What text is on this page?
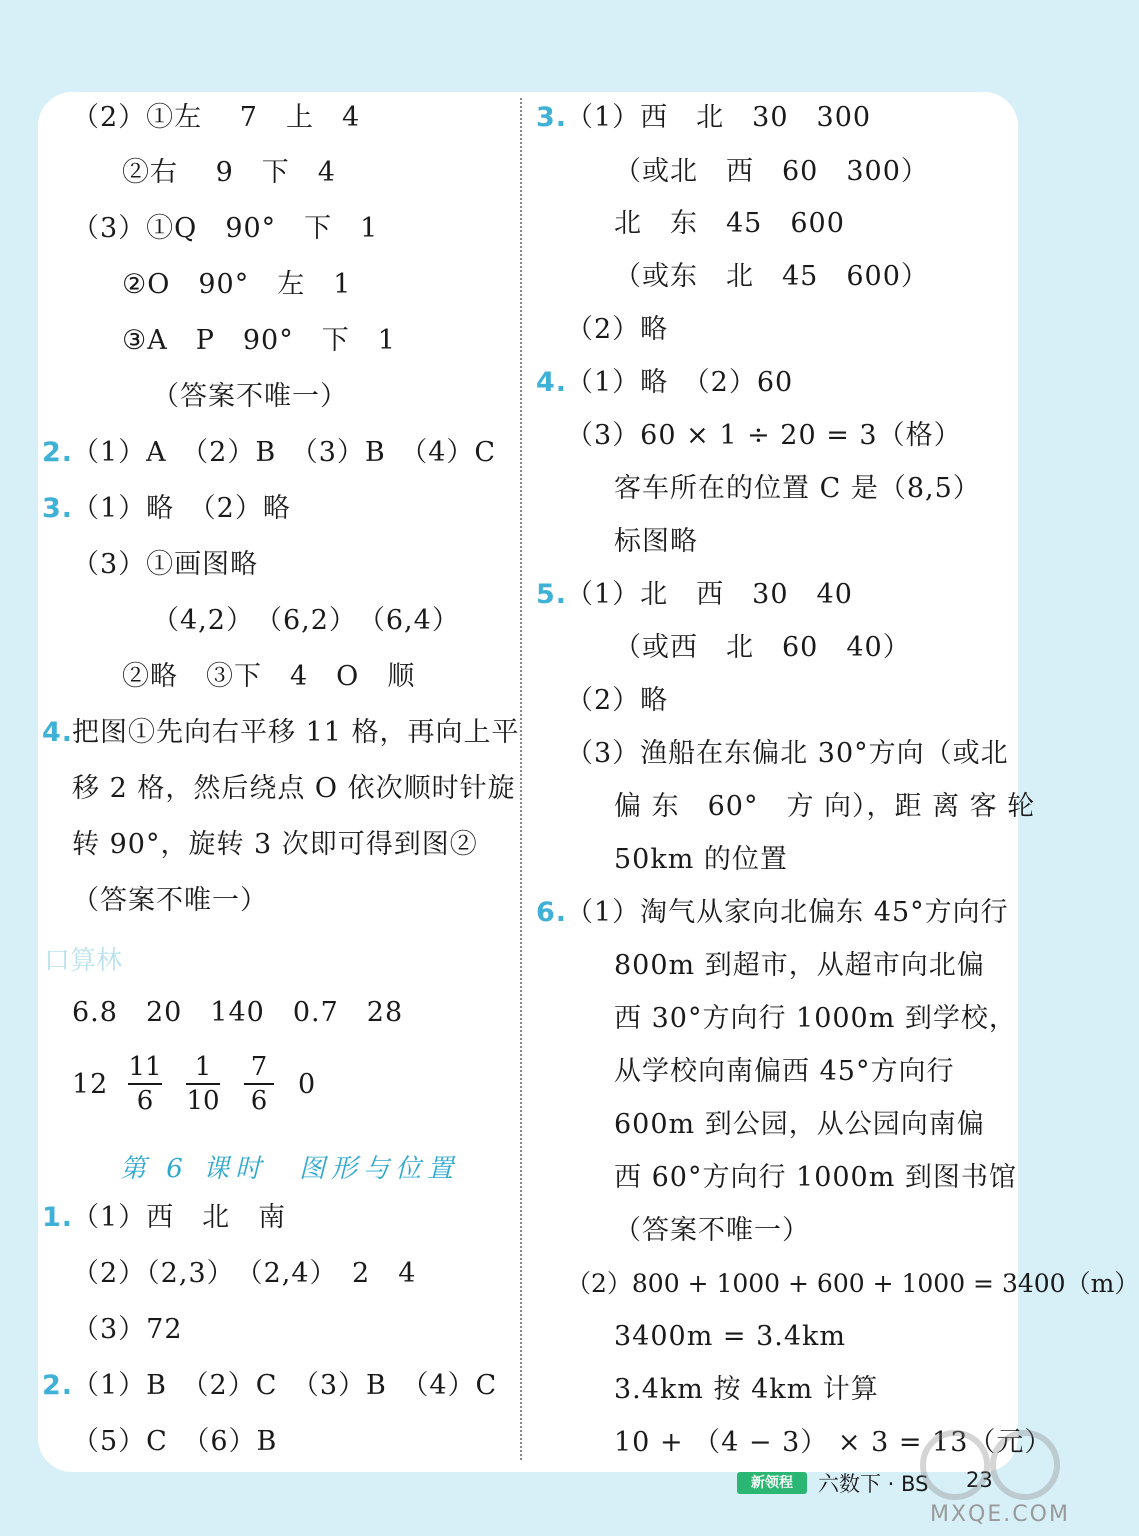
（2）①左　 7　上　4
②右　 9　下　4
（3）①Q　90°　下　1
②O　90°　左　1
③A　P　90°　下　1
（答案不唯一）
2.
（1）A　（2）B　（3）B　（4）C
3.
（1）略　（2）略
（3）①画图略
（4,2）　（6,2）　（6,4）
②略　③下　4　O　顺
4.
把图①先向右平移 11 格，再向上平
移 2 格，然后绕点 O 依次顺时针旋
转 90°，旋转 3 次即可得到图②
（答案不唯一）
口算林
6.8　20　140　0.7　28
12
11
6
1
10
7
6
0
第 6 课时　图形与位置
1.
（1）西　北　南
（2）（2,3）　（2,4）　2　4
（3）72
2.
（1）B　（2）C　（3）B　（4）C
（5）C　（6）B
3.
（1）西　北　30　300
（或北　西　60　300）
北　东　45　600
（或东　北　45　600）
（2）略
4.
（1）略　（2）60
（3）60 × 1 ÷ 20 = 3（格）
客车所在的位置 C 是（8,5）
标图略
5.
（1）北　西　30　40
（或西　北　60　40）
（2）略
（3）渔船在东偏北 30°方向（或北
偏 东　60°　方 向），距 离 客 轮
50km 的位置
6.
（1）淘气从家向北偏东 45°方向行
800m 到超市，从超市向北偏
西 30°方向行 1000m 到学校，
从学校向南偏西 45°方向行
600m 到公园，从公园向南偏
西 60°方向行 1000m 到图书馆
（答案不唯一）
（2）800 + 1000 + 600 + 1000 = 3400（m）
3400m = 3.4km
3.4km 按 4km 计算
10 + （4 − 3） × 3 = 13（元）
新领程	六数下 · BS 23
MXQE.COM
